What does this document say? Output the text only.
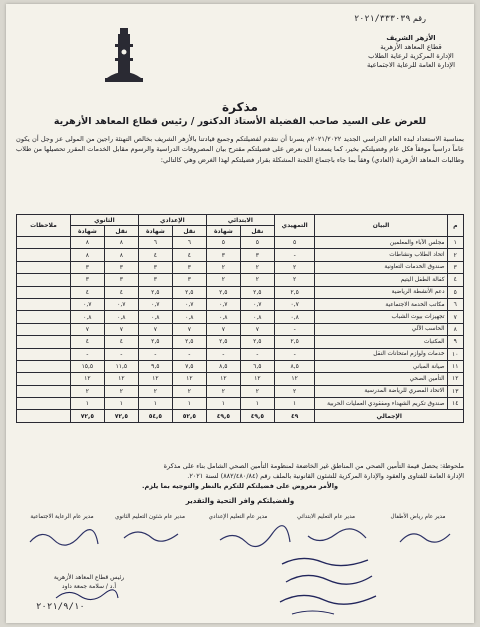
رقم ٢٠٢١/٣٣٣٠٣٩
الأزهر الشريف
قطاع المعاهد الأزهرية
الإدارة المركزية لرعاية الطلاب
الإدارة العامة للرعاية الاجتماعية
مذكرة
للعرض على السيد صاحب الفضيلة الأستاذ الدكتور / رئيس قطاع المعاهد الأزهرية
بمناسبة الاستعداد لبدء العام الدراسي الجديد ٢٠٢١/٢٠٢٢م يسرنا أن نتقدم لفضيلتكم وجميع قيادتنا بالأزهر الشريف بخالص التهنئة راجين من المولى عز وجل أن يكون عاماً دراسياً موفقاً فكل عام وفضيلتكم بخير، كما يسعدنا أن نعرض على فضيلتكم مقترح بيان المصروفات الدراسية والرسوم مقابل الخدمات المقرر تحصيلها من طلاب وطالبات المعاهد الأزهرية (العادي) وفقاً بما جاء باجتماع اللجنة المشكلة بقرار فضيلتكم لهذا الغرض وهي كالتالي:
م	البيان	التمهيدي	الابتدائي		الإعدادي		الثانوي		ملاحظات
			نقل	شهادة	نقل	شهادة	نقل	شهادة	
١	مجلس الآباء والمعلمين	٥	٥	٥	٦	٦	٨	٨	
٢	اتحاد الطلاب ونشاطات	-	٣	٣	٤	٤	٨	٨	
٣	صندوق الخدمات التعاونية	٢	٢	٢	٣	٣	٣	٣	
٤	كفالة الطفل اليتيم	٢	٢	٢	٣	٣	٣	٣	
٥	دعم الأنشطة الرياضية	٢,٥	٢,٥	٢,٥	٢,٥	٢,٥	٤	٤	
٦	مكاتب الخدمة الاجتماعية	٠,٧	٠,٧	٠,٧	٠,٧	٠,٧	٠,٧	٠,٧	
٧	تجهيزات بيوت الشباب	٠,٨	٠,٨	٠,٨	٠,٨	٠,٨	٠,٨	٠,٨	
٨	الحاسب الآلي	-	٧	٧	٧	٧	٧	٧	
٩	المكتبات	٢,٥	٢,٥	٢,٥	٢,٥	٢,٥	٤	٤	
١٠	خدمات ولوازم امتحانات النقل	-	-	-	-	-	-	-	
١١	صيانة المباني	٨,٥	٦,٥	٨,٥	٧,٥	٩,٥	١١,٥	١٥,٥	
١٢	التأمين الصحي	١٢	١٢	١٢	١٢	١٢	١٢	١٢	
١٣	الاتحاد المصري للرياضة المدرسية	٢	٢	٢	٢	٢	٢	٢	
١٤	صندوق تكريم الشهداء ومفقودي العمليات الحربية	١	١	١	١	١	١	١	
الإجمالي		٤٩	٤٩,٥	٤٩,٥	٥٢,٥	٥٤,٥	٧٢,٥	٧٢,٥	
ملحوظة: يحصل قيمة التأمين الصحي من المناطق غير الخاضعة لمنظومة التأمين الصحي الشامل بناء على مذكرة
الإدارة العامة للفتاوى والعقود والإدارة المركزية للشئون القانونية بالملف رقم (٨٨٢/٤٨٠/٨٤) لسنة ٢٠٢١.
والأمر معروض على فضيلتكم للتكرم بالنظر والتوجيه بما يلزم.
ولفضيلتكم وافر التحية والتقدير
مدير عام الرعاية الاجتماعية	مدير عام شئون التعليم الثانوي	مدير عام التعليم الإعدادي	مدير عام التعليم الابتدائي	مدير عام رياض الأطفال
رئيس قطاع المعاهد الأزهرية
أ.د / سلامة جمعة داود
٢٠٢١/٩/١٠
